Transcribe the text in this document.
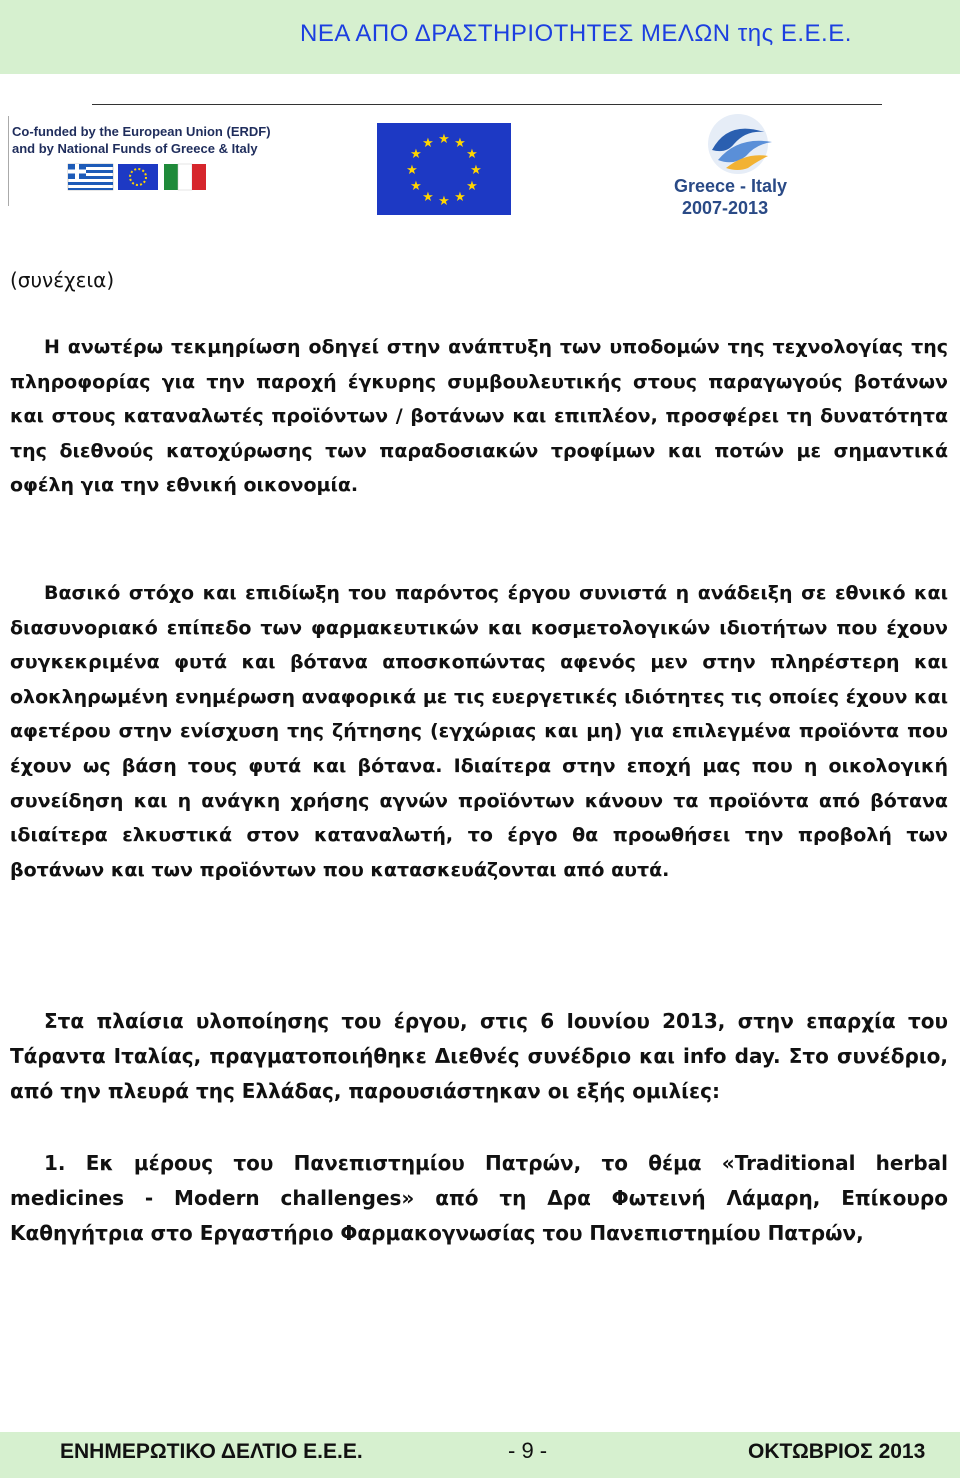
ΝΕΑ ΑΠΟ ΔΡΑΣΤΗΡΙΟΤΗΤΕΣ ΜΕΛΩΝ της Ε.Ε.Ε.
Co-funded by the European Union (ERDF)
and by National Funds of Greece & Italy
★ ★
★
★
★
★
★
★
★
★
★
★
Greece - Italy
2007-2013
(συνέχεια)
Η ανωτέρω τεκμηρίωση οδηγεί στην ανάπτυξη των υποδομών της τεχνολογίας της πληροφορίας για την παροχή έγκυρης συμβουλευτικής στους παραγωγούς βοτάνων και στους καταναλωτές προϊόντων / βοτάνων και επιπλέον, προσφέρει τη δυνατότητα της διεθνούς κατοχύρωσης των παραδοσιακών τροφίμων και ποτών με σημαντικά οφέλη για την εθνική οικονομία.
Βασικό στόχο και επιδίωξη του παρόντος έργου συνιστά η ανάδειξη σε εθνικό και διασυνοριακό επίπεδο των φαρμακευτικών και κοσμετολογικών ιδιοτήτων που έχουν συγκεκριμένα φυτά και βότανα αποσκοπώντας αφενός μεν στην πληρέστερη και ολοκληρωμένη ενημέρωση αναφορικά με τις ευεργετικές ιδιότητες τις οποίες έχουν και αφετέρου στην ενίσχυση της ζήτησης (εγχώριας και μη) για επιλεγμένα προϊόντα που έχουν ως βάση τους φυτά και βότανα. Ιδιαίτερα στην εποχή μας που η οικολογική συνείδηση και η ανάγκη χρήσης αγνών προϊόντων κάνουν τα προϊόντα από βότανα ιδιαίτερα ελκυστικά στον καταναλωτή, το έργο θα προωθήσει την προβολή των βοτάνων και των προϊόντων που κατασκευάζονται από αυτά.
Στα πλαίσια υλοποίησης του έργου, στις 6 Ιουνίου 2013, στην επαρχία του Τάραντα Ιταλίας, πραγματοποιήθηκε Διεθνές συνέδριο και info day. Στο συνέδριο, από την πλευρά της Ελλάδας, παρουσιάστηκαν οι εξής ομιλίες:
1. Εκ μέρους του Πανεπιστημίου Πατρών, το θέμα «Traditional herbal medicines - Modern challenges» από τη Δρα Φωτεινή Λάμαρη, Επίκουρο Καθηγήτρια στο Εργαστήριο Φαρμακογνωσίας του Πανεπιστημίου Πατρών,
ΕΝΗΜΕΡΩΤΙΚΟ ΔΕΛΤΙΟ Ε.Ε.Ε.	- 9 -	ΟΚΤΩΒΡΙΟΣ 2013
